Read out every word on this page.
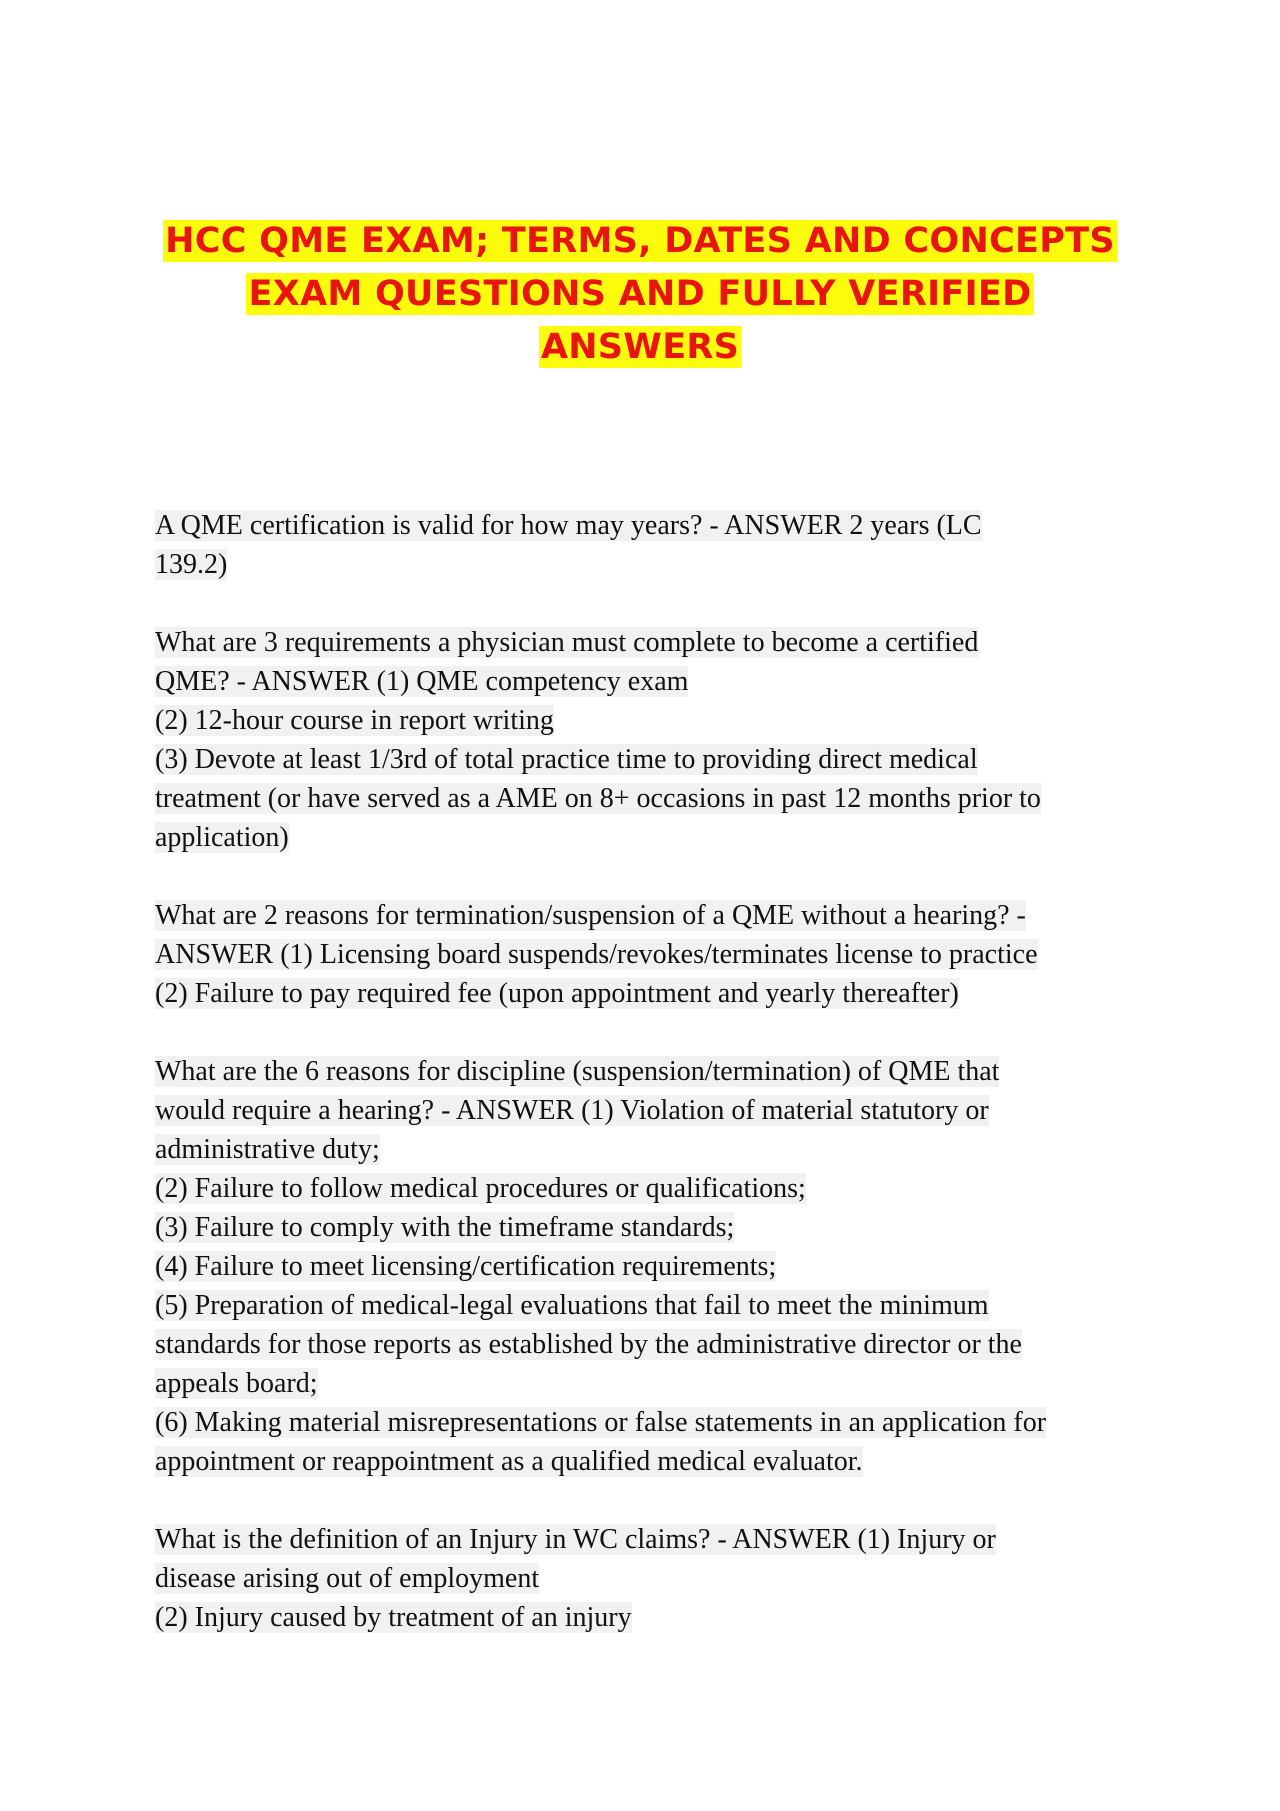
HCC QME EXAM; TERMS, DATES AND CONCEPTS
EXAM QUESTIONS AND FULLY VERIFIED
ANSWERS
A QME certification is valid for how may years? - ANSWER 2 years (LC
139.2)
What are 3 requirements a physician must complete to become a certified
QME? - ANSWER (1) QME competency exam
(2) 12-hour course in report writing
(3) Devote at least 1/3rd of total practice time to providing direct medical
treatment (or have served as a AME on 8+ occasions in past 12 months prior to
application)
What are 2 reasons for termination/suspension of a QME without a hearing? -
ANSWER (1) Licensing board suspends/revokes/terminates license to practice
(2) Failure to pay required fee (upon appointment and yearly thereafter)
What are the 6 reasons for discipline (suspension/termination) of QME that
would require a hearing? - ANSWER (1) Violation of material statutory or
administrative duty;
(2) Failure to follow medical procedures or qualifications;
(3) Failure to comply with the timeframe standards;
(4) Failure to meet licensing/certification requirements;
(5) Preparation of medical-legal evaluations that fail to meet the minimum
standards for those reports as established by the administrative director or the
appeals board;
(6) Making material misrepresentations or false statements in an application for
appointment or reappointment as a qualified medical evaluator.
What is the definition of an Injury in WC claims? - ANSWER (1) Injury or
disease arising out of employment
(2) Injury caused by treatment of an injury
